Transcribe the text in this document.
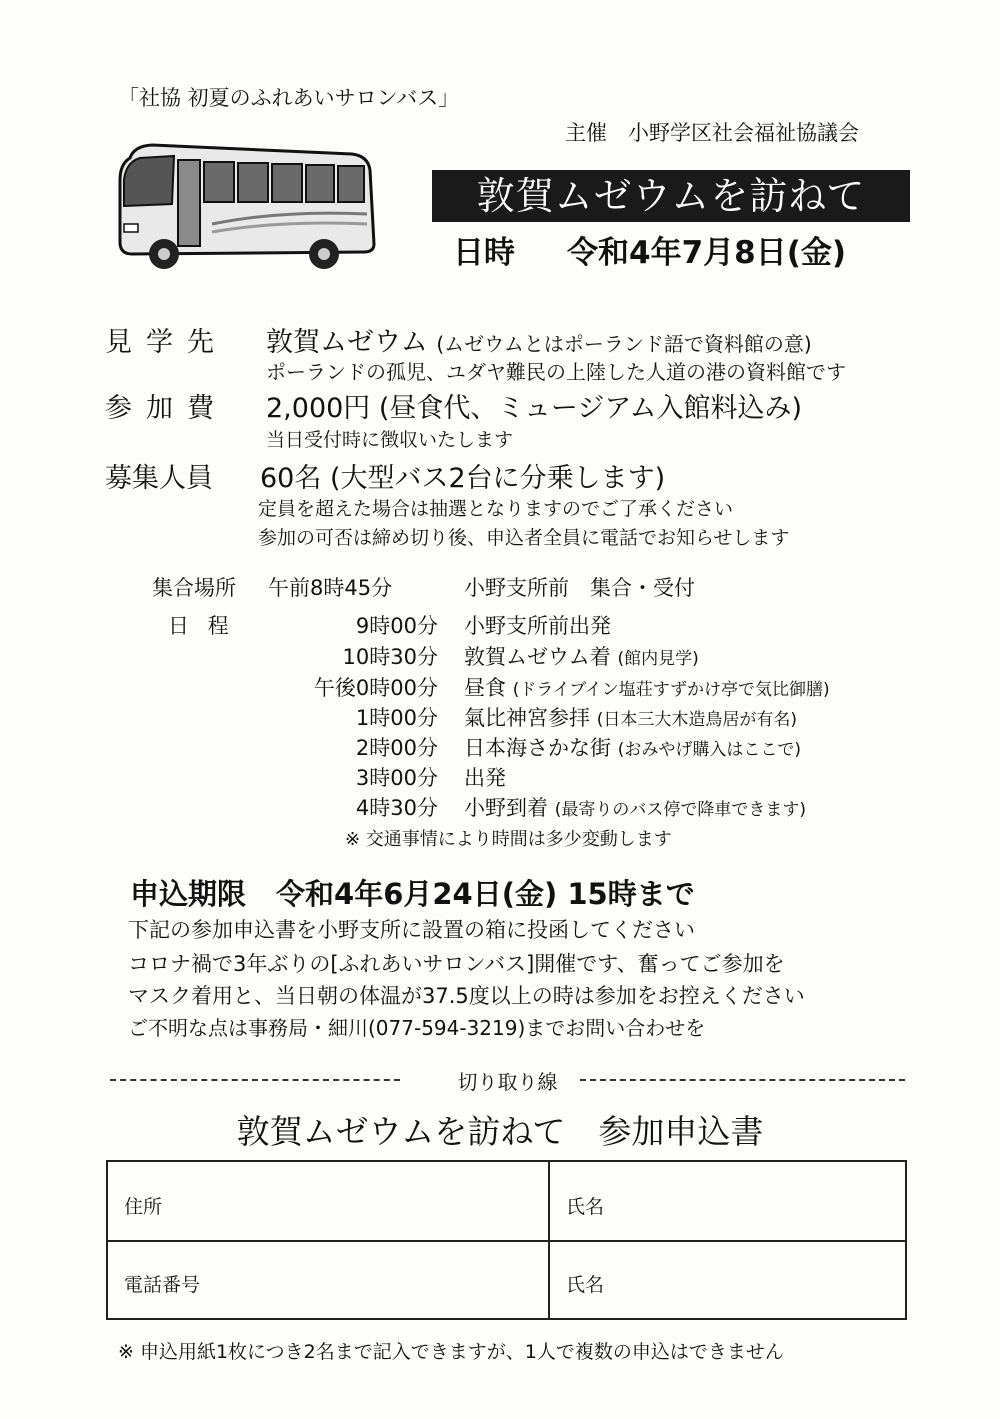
「社協 初夏のふれあいサロンバス」
主催　小野学区社会福祉協議会
敦賀ムゼウムを訪ねて
日時 令和4年7月8日(金)
見学先 敦賀ムゼウム (ムゼウムとはポーランド語で資料館の意)
ポーランドの孤児、ユダヤ難民の上陸した人道の港の資料館です
参加費 2,000円 (昼食代、ミュージアム入館料込み)
当日受付時に徴収いたします
募集人員 60名 (大型バス2台に分乗します)
定員を超えた場合は抽選となりますのでご了承ください
参加の可否は締め切り後、申込者全員に電話でお知らせします
集合場所 午前8時45分	小野支所前　集合・受付
日 程	9時00分 小野支所前出発
10時30分 敦賀ムゼウム着 (館内見学)
午後0時00分 昼食 (ドライブイン塩荘すずかけ亭で気比御膳)
1時00分 氣比神宮参拝 (日本三大木造鳥居が有名)
2時00分 日本海さかな街 (おみやげ購入はここで)
3時00分 出発
4時30分 小野到着 (最寄りのバス停で降車できます)
※ 交通事情により時間は多少変動します
申込期限 令和4年6月24日(金) 15時まで
下記の参加申込書を小野支所に設置の箱に投函してください
コロナ禍で3年ぶりの[ふれあいサロンバス]開催です、奮ってご参加を
マスク着用と、当日朝の体温が37.5度以上の時は参加をお控えください
ご不明な点は事務局・細川(077-594-3219)までお問い合わせを
切り取り線
敦賀ムゼウムを訪ねて　参加申込書
住所	氏名
電話番号	氏名
※ 申込用紙1枚につき2名まで記入できますが、1人で複数の申込はできません
